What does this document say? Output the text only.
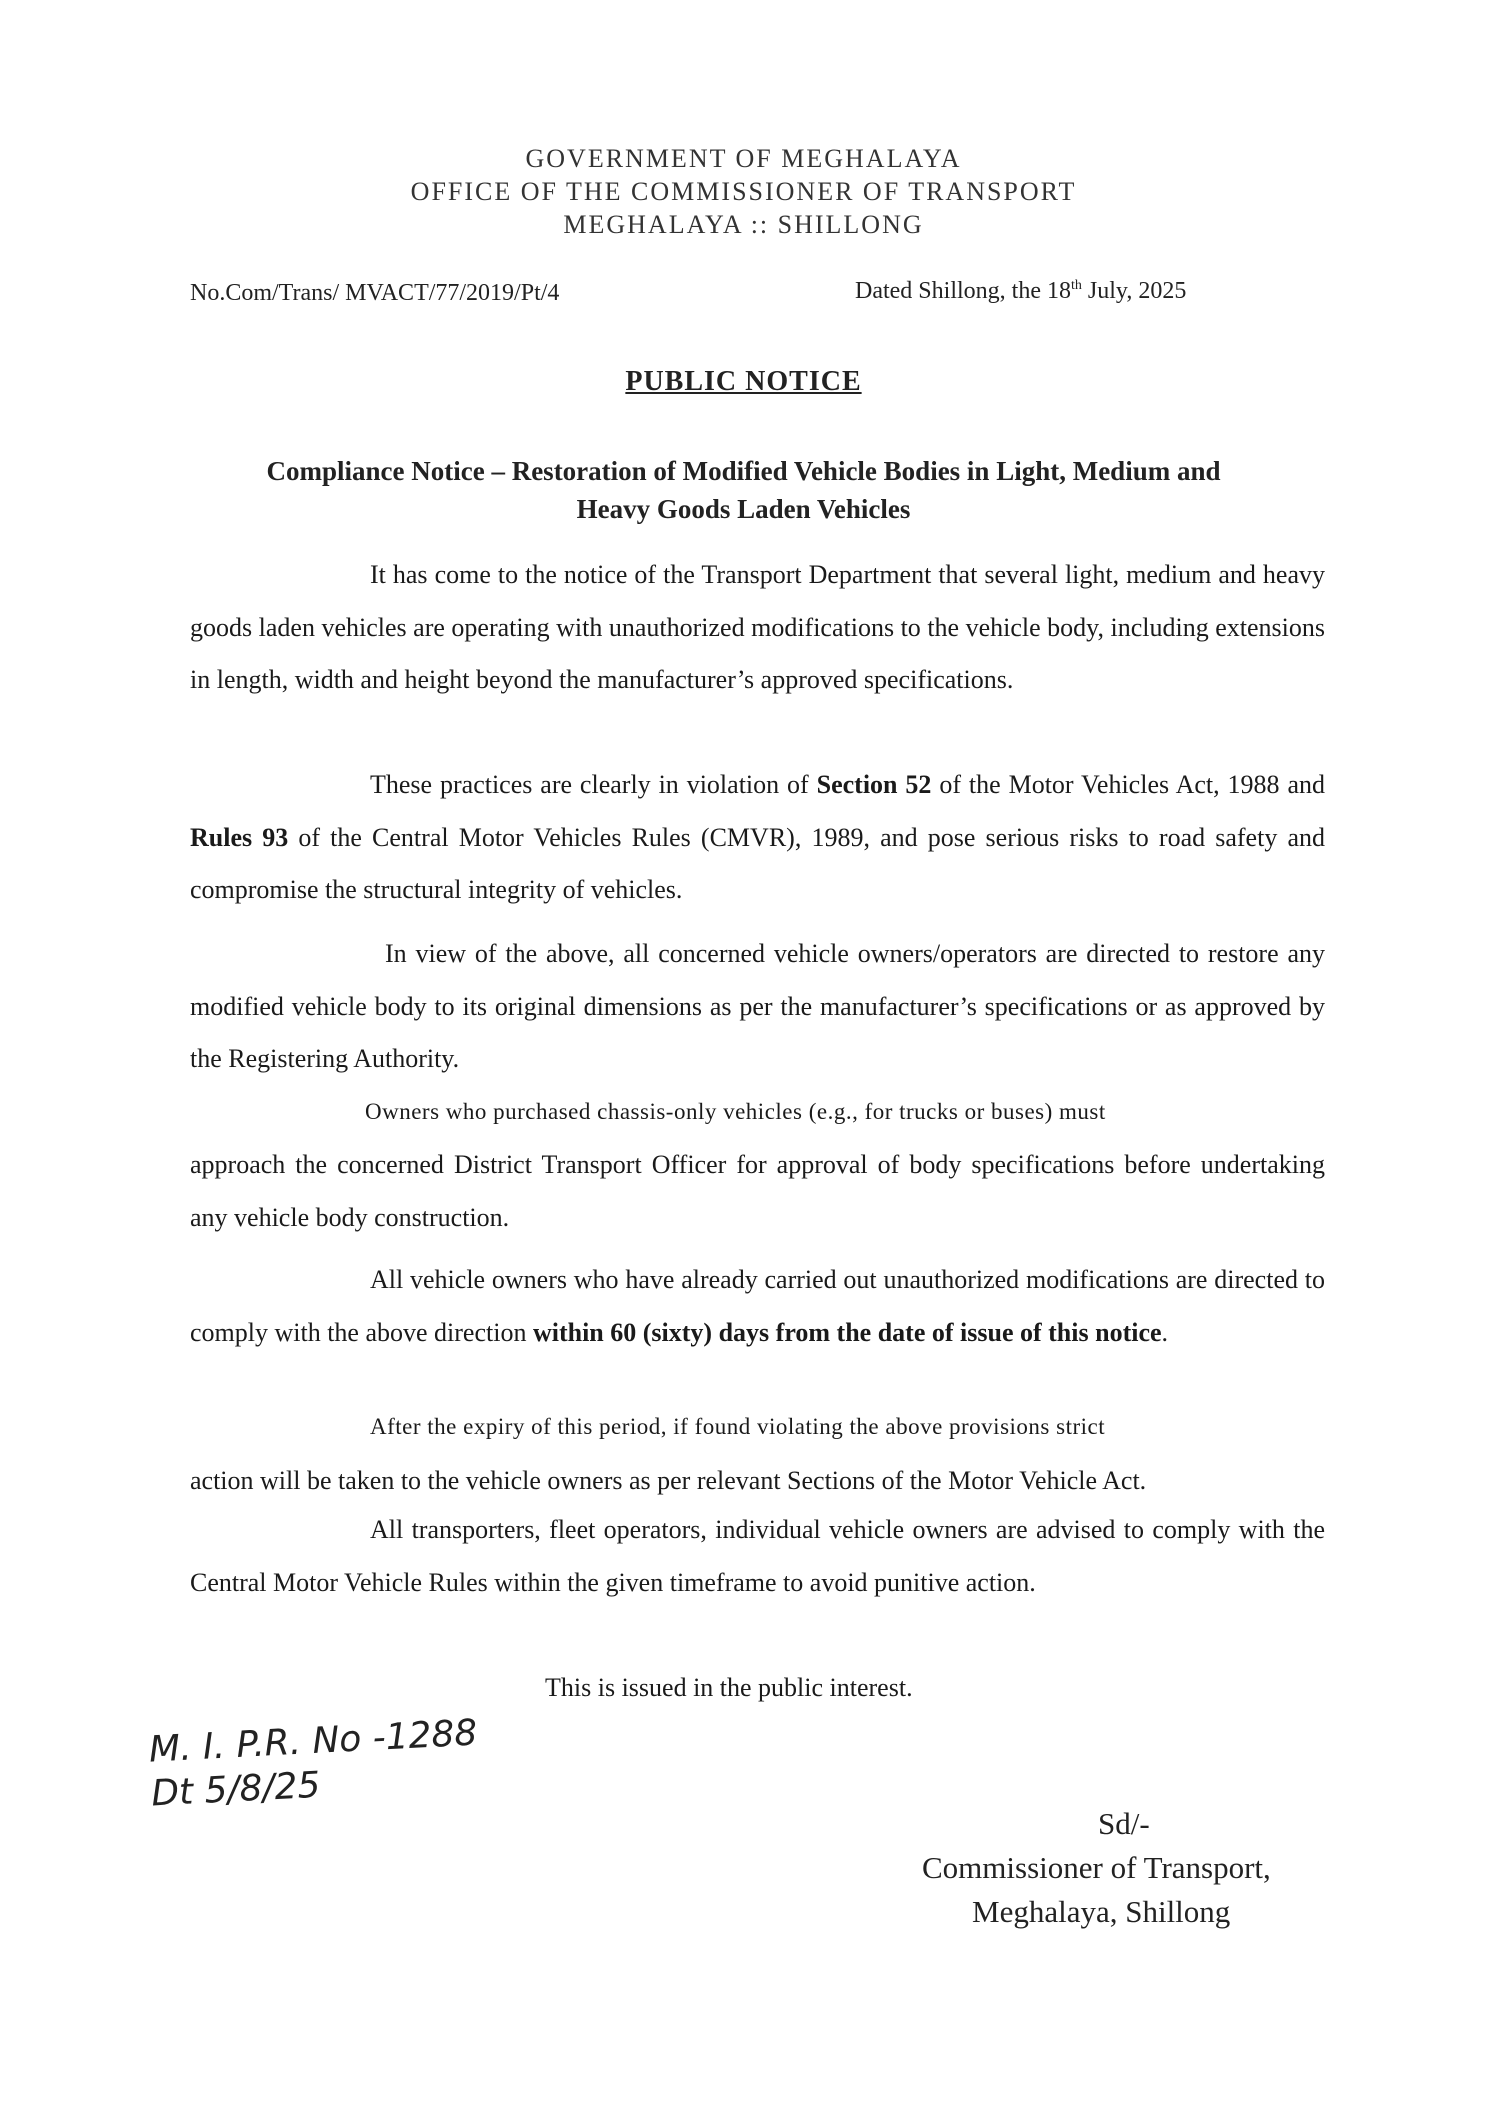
GOVERNMENT OF MEGHALAYA
OFFICE OF THE COMMISSIONER OF TRANSPORT
MEGHALAYA :: SHILLONG
No.Com/Trans/ MVACT/77/2019/Pt/4	Dated Shillong, the 18th July, 2025
PUBLIC NOTICE
Compliance Notice – Restoration of Modified Vehicle Bodies in Light, Medium and
Heavy Goods Laden Vehicles
It has come to the notice of the Transport Department that several light, medium and heavy goods laden vehicles are operating with unauthorized modifications to the vehicle body, including extensions in length, width and height beyond the manufacturer’s approved specifications.
These practices are clearly in violation of Section 52 of the Motor Vehicles Act, 1988 and Rules 93 of the Central Motor Vehicles Rules (CMVR), 1989, and pose serious risks to road safety and compromise the structural integrity of vehicles.
In view of the above, all concerned vehicle owners/operators are directed to restore any modified vehicle body to its original dimensions as per the manufacturer’s specifications or as approved by the Registering Authority.
Owners who purchased chassis-only vehicles (e.g., for trucks or buses) must
approach the concerned District Transport Officer for approval of body specifications before undertaking any vehicle body construction.
All vehicle owners who have already carried out unauthorized modifications are directed to comply with the above direction within 60 (sixty) days from the date of issue of this notice.
After the expiry of this period, if found violating the above provisions strict
action will be taken to the vehicle owners as per relevant Sections of the Motor Vehicle Act.
All transporters, fleet operators, individual vehicle owners are advised to comply with the Central Motor Vehicle Rules within the given timeframe to avoid punitive action.
This is issued in the public interest.
M. I. P.R. No -1288
Dt 5/8/25
Sd/-
Commissioner of Transport,
Meghalaya, Shillong
